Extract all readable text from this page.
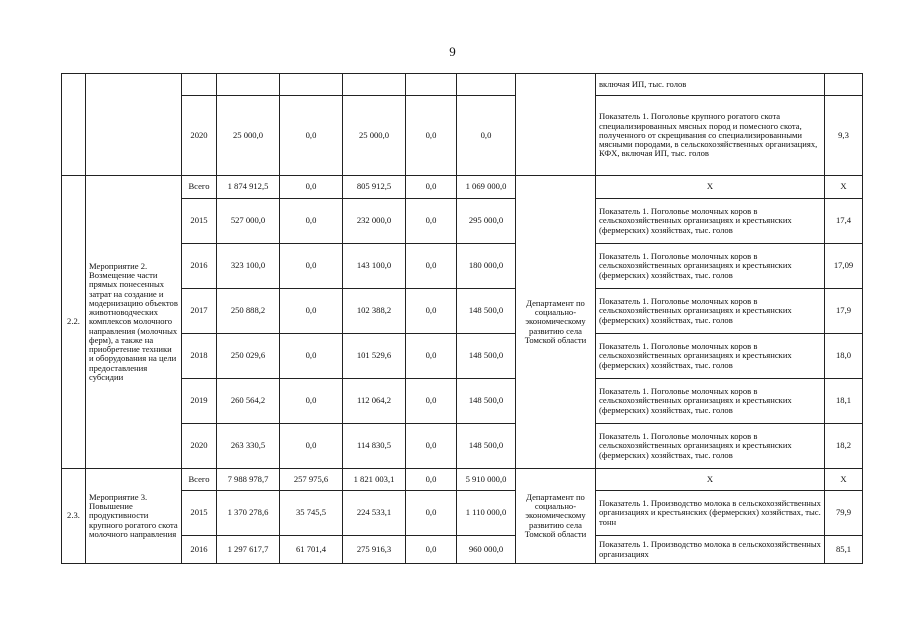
9
									включая ИП, тыс. голов	
		2020	25 000,0	0,0	25 000,0	0,0	0,0		Показатель 1. Поголовье крупного рогатого скота специализированных мясных пород и помесного скота, полученного от скрещивания со специализированными мясными породами, в сельскохозяйственных организациях, КФХ, включая ИП, тыс. голов	9,3
2.2.	Мероприятие 2. Возмещение части прямых понесенных затрат на создание и модернизацию объектов животноводческих комплексов молочного направления (молочных ферм), а также на приобретение техники и оборудования на цели предоставления субсидии	Всего	1 874 912,5	0,0	805 912,5	0,0	1 069 000,0	Департамент по социально-экономическому развитию села Томской области	Х	Х
		2015	527 000,0	0,0	232 000,0	0,0	295 000,0		Показатель 1. Поголовье молочных коров в сельскохозяйственных организациях и крестьянских (фермерских) хозяйствах, тыс. голов	17,4
		2016	323 100,0	0,0	143 100,0	0,0	180 000,0		Показатель 1. Поголовье молочных коров в сельскохозяйственных организациях и крестьянских (фермерских) хозяйствах, тыс. голов	17,09
		2017	250 888,2	0,0	102 388,2	0,0	148 500,0		Показатель 1. Поголовье молочных коров в сельскохозяйственных организациях и крестьянских (фермерских) хозяйствах, тыс. голов	17,9
		2018	250 029,6	0,0	101 529,6	0,0	148 500,0		Показатель 1. Поголовье молочных коров в сельскохозяйственных организациях и крестьянских (фермерских) хозяйствах, тыс. голов	18,0
		2019	260 564,2	0,0	112 064,2	0,0	148 500,0		Показатель 1. Поголовье молочных коров в сельскохозяйственных организациях и крестьянских (фермерских) хозяйствах, тыс. голов	18,1
		2020	263 330,5	0,0	114 830,5	0,0	148 500,0		Показатель 1. Поголовье молочных коров в сельскохозяйственных организациях и крестьянских (фермерских) хозяйствах, тыс. голов	18,2
2.3.	Мероприятие 3. Повышение продуктивности крупного рогатого скота молочного направления	Всего	7 988 978,7	257 975,6	1 821 003,1	0,0	5 910 000,0	Департамент по социально-экономическому развитию села Томской области	Х	Х
		2015	1 370 278,6	35 745,5	224 533,1	0,0	1 110 000,0		Показатель 1. Производство молока в сельскохозяйственных организациях и крестьянских (фермерских) хозяйствах, тыс. тонн	79,9
		2016	1 297 617,7	61 701,4	275 916,3	0,0	960 000,0		Показатель 1. Производство молока в сельскохозяйственных организациях	85,1
